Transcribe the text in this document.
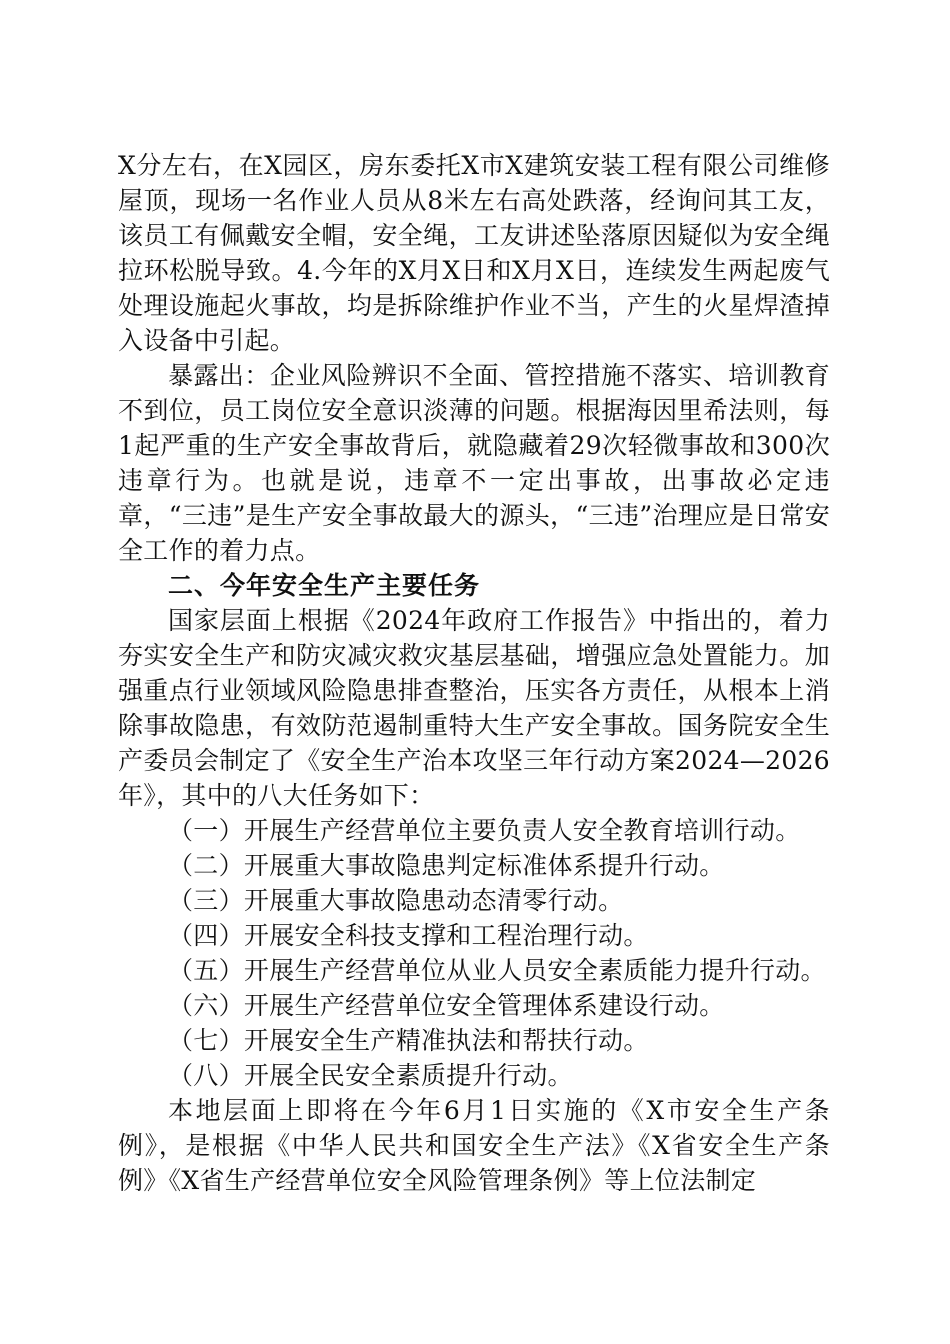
X分左右，在X园区，房东委托X市X建筑安装工程有限公司维修屋顶，现场一名作业人员从8米左右高处跌落，经询问其工友，该员工有佩戴安全帽，安全绳，工友讲述坠落原因疑似为安全绳拉环松脱导致。4.今年的X月X日和X月X日，连续发生两起废气处理设施起火事故，均是拆除维护作业不当，产生的火星焊渣掉入设备中引起。

暴露出：企业风险辨识不全面、管控措施不落实、培训教育不到位，员工岗位安全意识淡薄的问题。根据海因里希法则，每1起严重的生产安全事故背后，就隐藏着29次轻微事故和300次违章行为。也就是说，违章不一定出事故，出事故必定违章，“三违”是生产安全事故最大的源头，“三违”治理应是日常安全工作的着力点。

二、今年安全生产主要任务

国家层面上根据《2024年政府工作报告》中指出的，着力夯实安全生产和防灾减灾救灾基层基础，增强应急处置能力。加强重点行业领域风险隐患排查整治，压实各方责任，从根本上消除事故隐患，有效防范遏制重特大生产安全事故。国务院安全生产委员会制定了《安全生产治本攻坚三年行动方案2024—2026年》，其中的八大任务如下：

（一）开展生产经营单位主要负责人安全教育培训行动。

（二）开展重大事故隐患判定标准体系提升行动。

（三）开展重大事故隐患动态清零行动。

（四）开展安全科技支撑和工程治理行动。

（五）开展生产经营单位从业人员安全素质能力提升行动。

（六）开展生产经营单位安全管理体系建设行动。

（七）开展安全生产精准执法和帮扶行动。

（八）开展全民安全素质提升行动。

本地层面上即将在今年6月1日实施的《X市安全生产条例》，是根据《中华人民共和国安全生产法》《X省安全生产条例》《X省生产经营单位安全风险管理条例》等上位法制定
